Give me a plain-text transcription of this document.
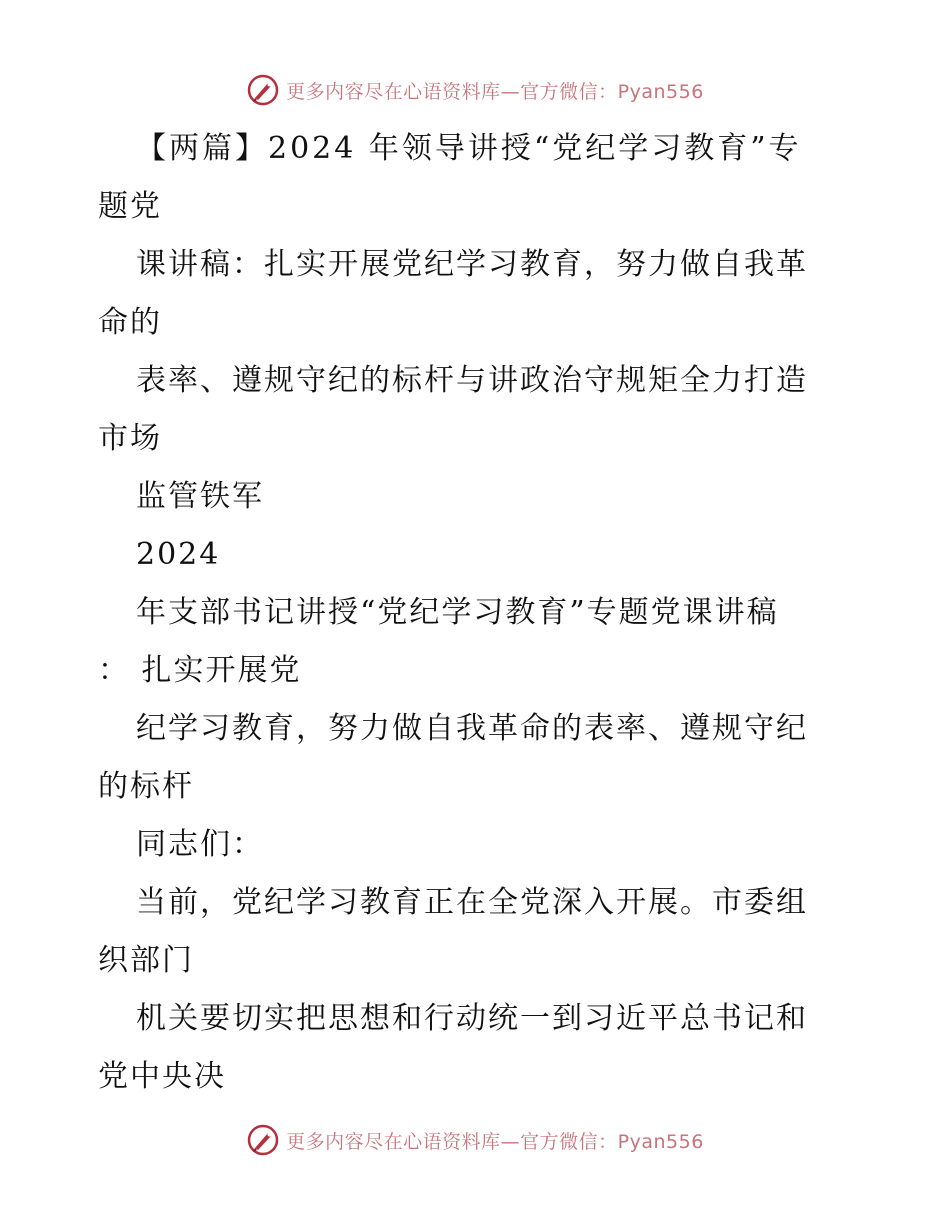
更多内容尽在心语资料库—官方微信：Pyan556
【两篇】2024 年领导讲授“党纪学习教育”专
题党
课讲稿：扎实开展党纪学习教育，努力做自我革
命的
表率、遵规守纪的标杆与讲政治守规矩全力打造
市场
监管铁军
2024
年支部书记讲授“党纪学习教育”专题党课讲稿
： 扎实开展党
纪学习教育，努力做自我革命的表率、遵规守纪
的标杆
同志们：
当前，党纪学习教育正在全党深入开展。市委组
织部门
机关要切实把思想和行动统一到习近平总书记和
党中央决
更多内容尽在心语资料库—官方微信：Pyan556
